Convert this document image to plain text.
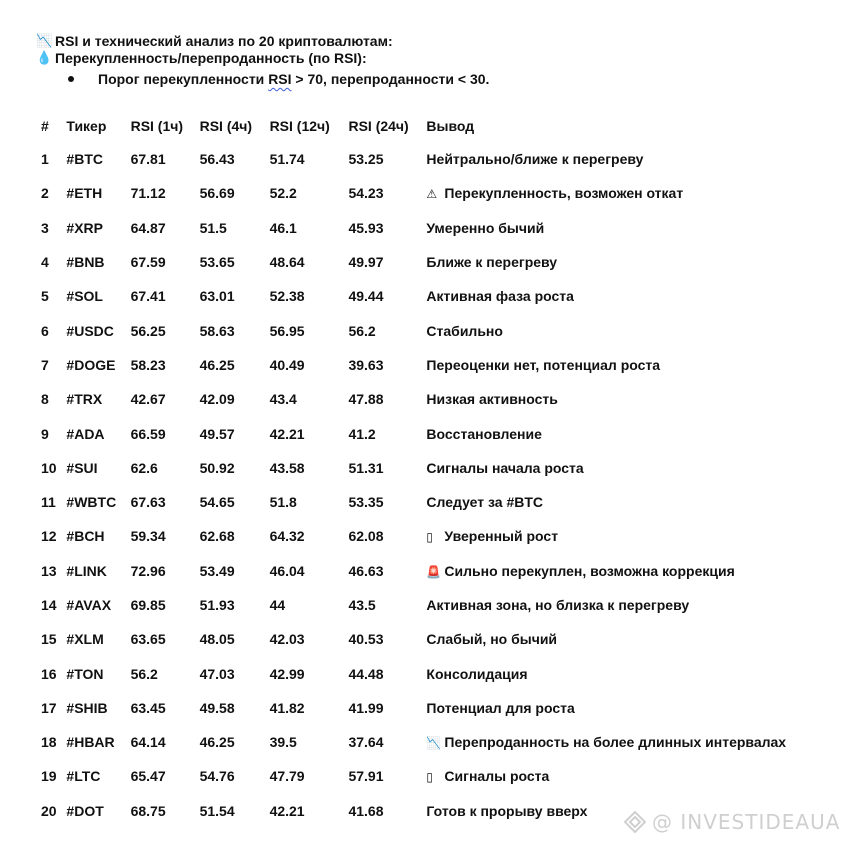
📉 RSI и технический анализ по 20 криптовалютам:
💧 Перекупленность/перепроданность (по RSI):
Порог перекупленности RSI > 70, перепроданности < 30.
#	Тикер	RSI (1ч)	RSI (4ч)	RSI (12ч)	RSI (24ч)	Вывод
1	#BTC	67.81	56.43	51.74	53.25	Нейтрально/ближе к перегреву
2	#ETH	71.12	56.69	52.2	54.23	⚠ Перекупленность, возможен откат
3	#XRP	64.87	51.5	46.1	45.93	Умеренно бычий
4	#BNB	67.59	53.65	48.64	49.97	Ближе к перегреву
5	#SOL	67.41	63.01	52.38	49.44	Активная фаза роста
6	#USDC	56.25	58.63	56.95	56.2	Стабильно
7	#DOGE	58.23	46.25	40.49	39.63	Переоценки нет, потенциал роста
8	#TRX	42.67	42.09	43.4	47.88	Низкая активность
9	#ADA	66.59	49.57	42.21	41.2	Восстановление
10	#SUI	62.6	50.92	43.58	51.31	Сигналы начала роста
11	#WBTC	67.63	54.65	51.8	53.35	Следует за #BTC
12	#BCH	59.34	62.68	64.32	62.08	▯ Уверенный рост
13	#LINK	72.96	53.49	46.04	46.63	🚨 Сильно перекуплен, возможна коррекция
14	#AVAX	69.85	51.93	44	43.5	Активная зона, но близка к перегреву
15	#XLM	63.65	48.05	42.03	40.53	Слабый, но бычий
16	#TON	56.2	47.03	42.99	44.48	Консолидация
17	#SHIB	63.45	49.58	41.82	41.99	Потенциал для роста
18	#HBAR	64.14	46.25	39.5	37.64	📉 Перепроданность на более длинных интервалах
19	#LTC	65.47	54.76	47.79	57.91	▯ Сигналы роста
20	#DOT	68.75	51.54	42.21	41.68	Готов к прорыву вверх	@ INVESTIDEAUA
